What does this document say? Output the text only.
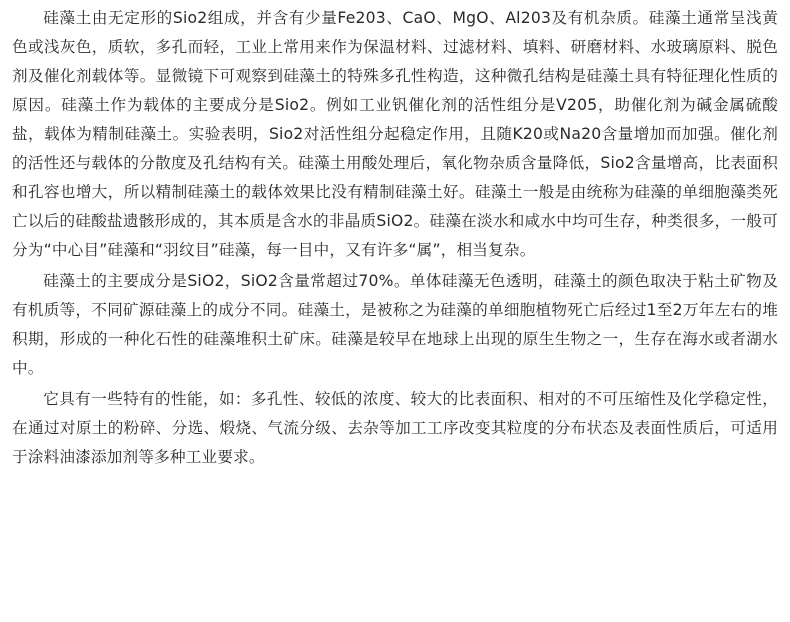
硅藻土由无定形的Sio2组成，并含有少量Fe203、CaO、MgO、Al203及有机杂质。硅藻土通常呈浅黄色或浅灰色，质软，多孔而轻，工业上常用来作为保温材料、过滤材料、填料、研磨材料、水玻璃原料、脱色剂及催化剂载体等。显微镜下可观察到硅藻土的特殊多孔性构造，这种微孔结构是硅藻土具有特征理化性质的原因。硅藻土作为载体的主要成分是Sio2。例如工业钒催化剂的活性组分是V205，助催化剂为碱金属硫酸盐，载体为精制硅藻土。实验表明，Sio2对活性组分起稳定作用，且随K20或Na20含量增加而加强。催化剂的活性还与载体的分散度及孔结构有关。硅藻土用酸处理后，氧化物杂质含量降低，Sio2含量增高，比表面积和孔容也增大，所以精制硅藻土的载体效果比没有精制硅藻土好。硅藻土一般是由统称为硅藻的单细胞藻类死亡以后的硅酸盐遗骸形成的，其本质是含水的非晶质SiO2。硅藻在淡水和咸水中均可生存，种类很多，一般可分为“中心目”硅藻和“羽纹目”硅藻，每一目中，又有许多“属”，相当复杂。

硅藻土的主要成分是SiO2，SiO2含量常超过70%。单体硅藻无色透明，硅藻土的颜色取决于粘土矿物及有机质等，不同矿源硅藻上的成分不同。硅藻土，是被称之为硅藻的单细胞植物死亡后经过1至2万年左右的堆积期，形成的一种化石性的硅藻堆积土矿床。硅藻是较早在地球上出现的原生生物之一，生存在海水或者湖水中。

它具有一些特有的性能，如：多孔性、较低的浓度、较大的比表面积、相对的不可压缩性及化学稳定性，在通过对原土的粉碎、分选、煅烧、气流分级、去杂等加工工序改变其粒度的分布状态及表面性质后，可适用于涂料油漆添加剂等多种工业要求。
